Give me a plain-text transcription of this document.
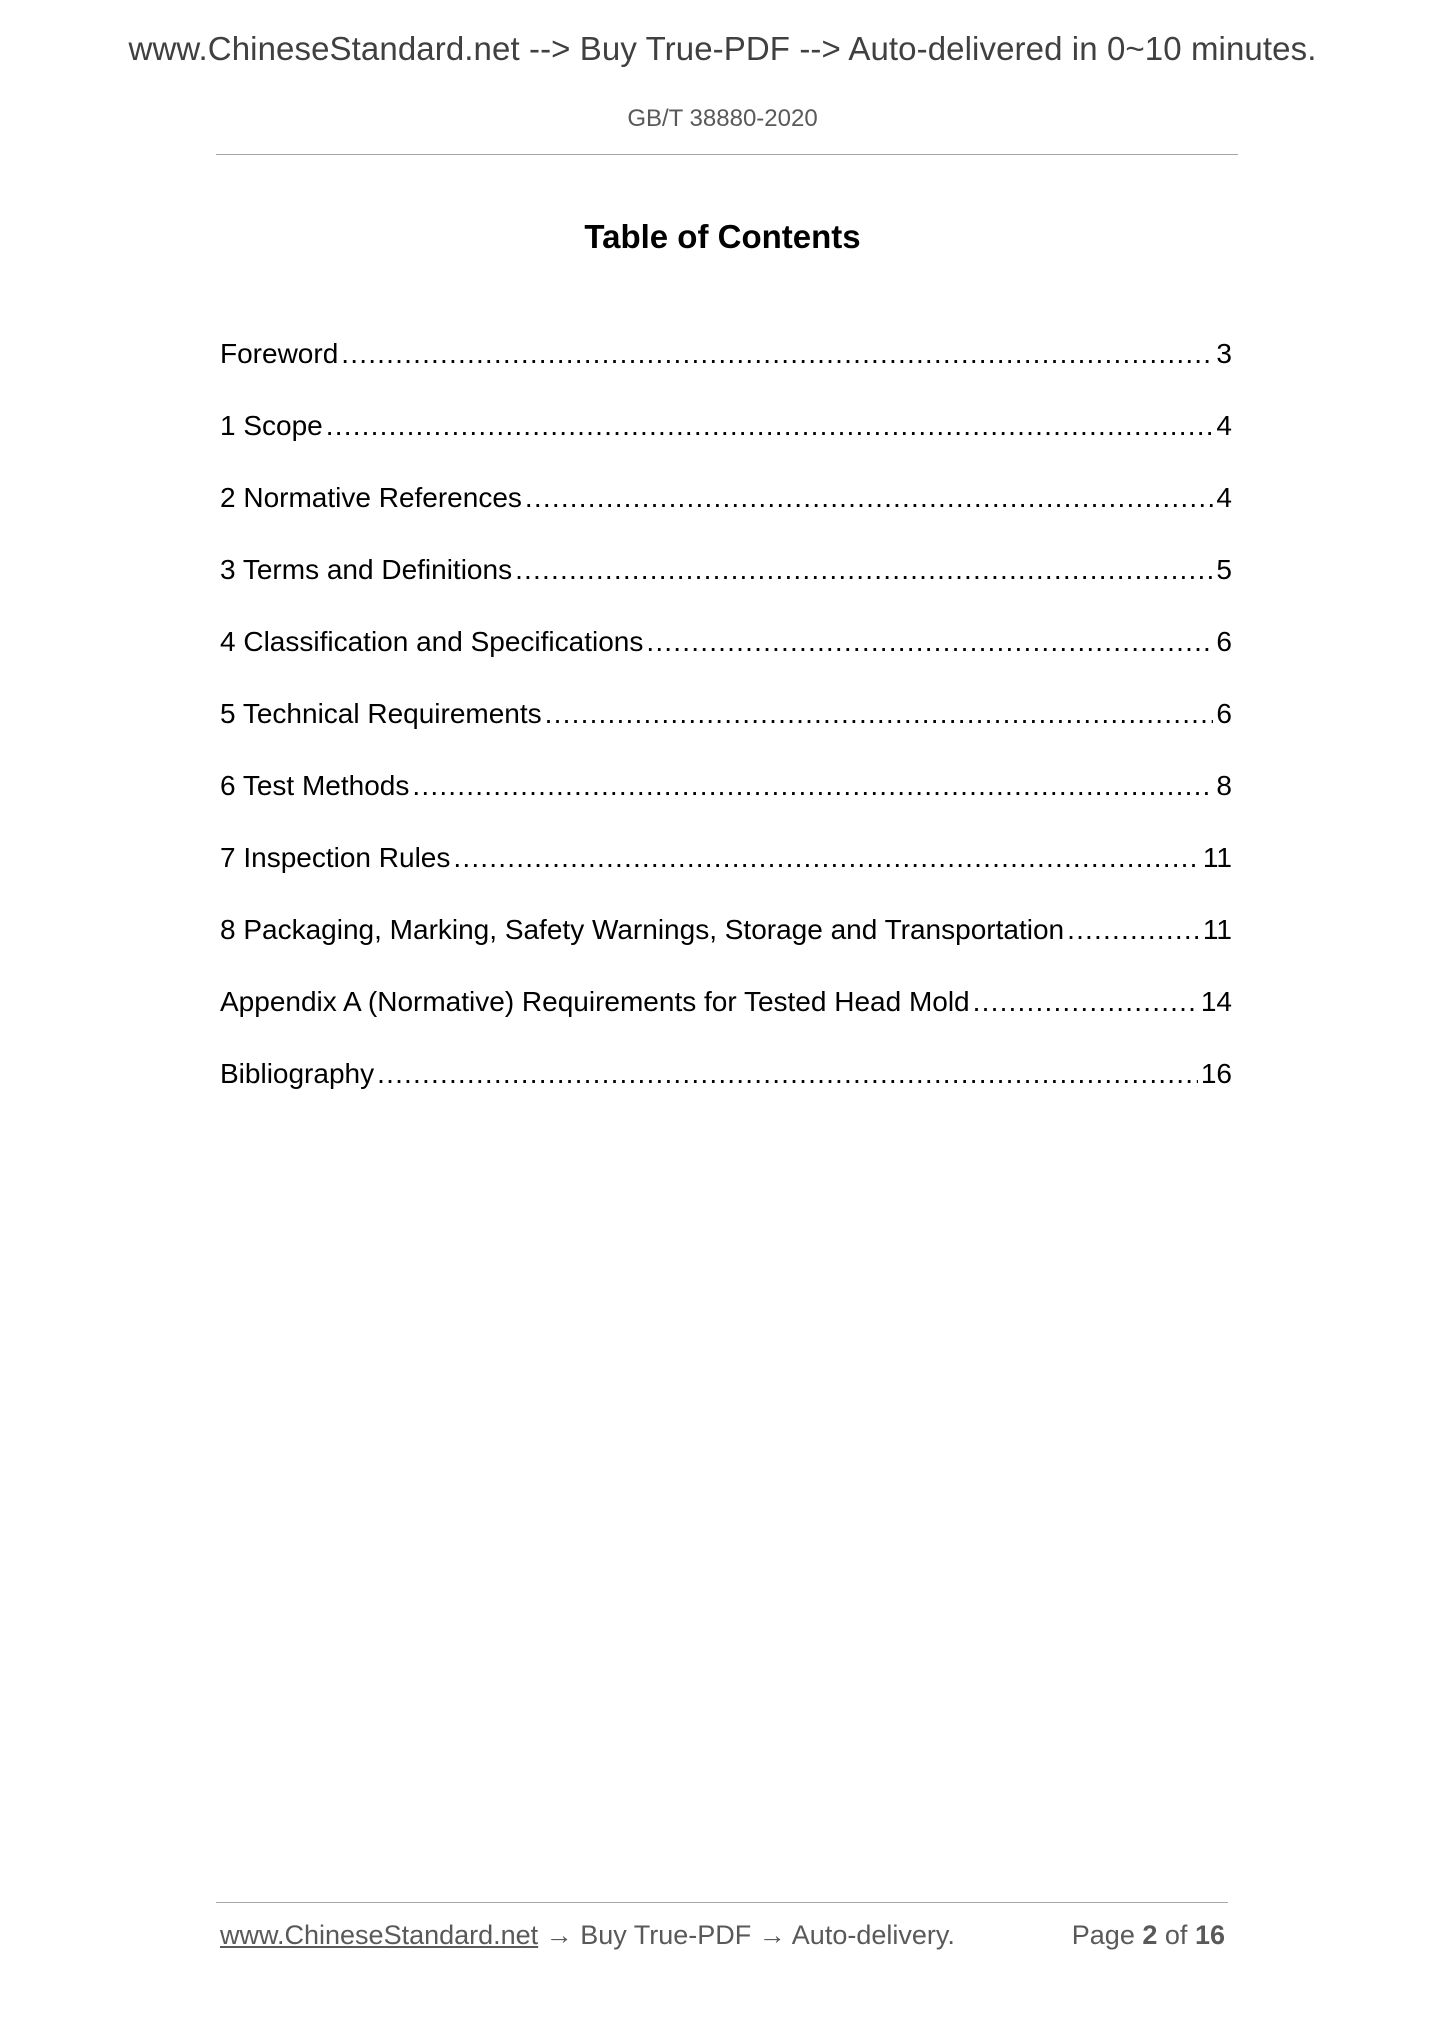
www.ChineseStandard.net --> Buy True-PDF --> Auto-delivered in 0~10 minutes.
GB/T 38880-2020
Table of Contents
Foreword .....	3
1 Scope .....	4
2 Normative References .....	4
3 Terms and Definitions .....	5
4 Classification and Specifications .....	6
5 Technical Requirements .....	6
6 Test Methods .....	8
7 Inspection Rules .....	11
8 Packaging, Marking, Safety Warnings, Storage and Transportation .....	11
Appendix A (Normative) Requirements for Tested Head Mold .....	14
Bibliography .....	16
www.ChineseStandard.net → Buy True-PDF → Auto-delivery.	Page 2 of 16
